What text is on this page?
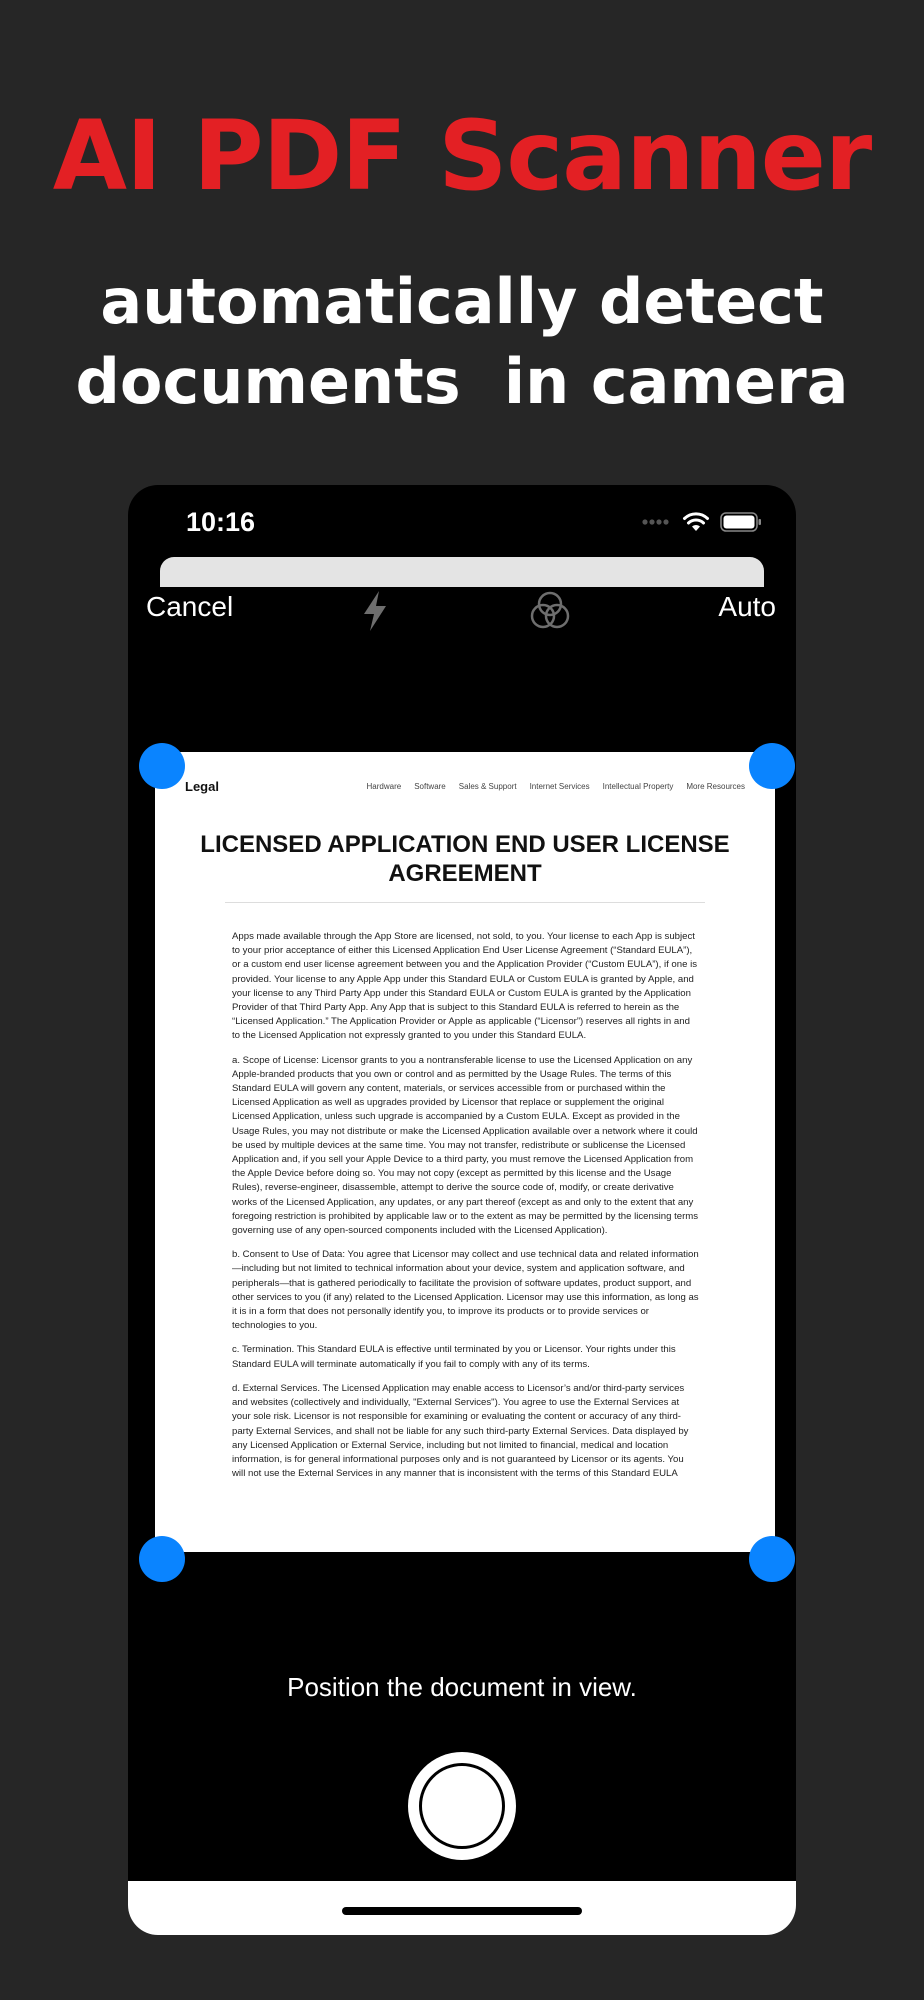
AI PDF Scanner
automatically detect
documents  in camera
10:16
Cancel	Auto
Legal	Hardware Software Sales & Support Internet Services Intellectual Property More Resources
LICENSED APPLICATION END USER LICENSE AGREEMENT

Apps made available through the App Store are licensed, not sold, to you. Your license to each App is subject to your prior acceptance of either this Licensed Application End User License Agreement (“Standard EULA”), or a custom end user license agreement between you and the Application Provider (“Custom EULA”), if one is provided. Your license to any Apple App under this Standard EULA or Custom EULA is granted by Apple, and your license to any Third Party App under this Standard EULA or Custom EULA is granted by the Application Provider of that Third Party App. Any App that is subject to this Standard EULA is referred to herein as the “Licensed Application.” The Application Provider or Apple as applicable (“Licensor”) reserves all rights in and to the Licensed Application not expressly granted to you under this Standard EULA.

a. Scope of License: Licensor grants to you a nontransferable license to use the Licensed Application on any Apple-branded products that you own or control and as permitted by the Usage Rules. The terms of this Standard EULA will govern any content, materials, or services accessible from or purchased within the Licensed Application as well as upgrades provided by Licensor that replace or supplement the original Licensed Application, unless such upgrade is accompanied by a Custom EULA. Except as provided in the Usage Rules, you may not distribute or make the Licensed Application available over a network where it could be used by multiple devices at the same time. You may not transfer, redistribute or sublicense the Licensed Application and, if you sell your Apple Device to a third party, you must remove the Licensed Application from the Apple Device before doing so. You may not copy (except as permitted by this license and the Usage Rules), reverse-engineer, disassemble, attempt to derive the source code of, modify, or create derivative works of the Licensed Application, any updates, or any part thereof (except as and only to the extent that any foregoing restriction is prohibited by applicable law or to the extent as may be permitted by the licensing terms governing use of any open-sourced components included with the Licensed Application).

b. Consent to Use of Data: You agree that Licensor may collect and use technical data and related information—including but not limited to technical information about your device, system and application software, and peripherals—that is gathered periodically to facilitate the provision of software updates, product support, and other services to you (if any) related to the Licensed Application. Licensor may use this information, as long as it is in a form that does not personally identify you, to improve its products or to provide services or technologies to you.

c. Termination. This Standard EULA is effective until terminated by you or Licensor. Your rights under this Standard EULA will terminate automatically if you fail to comply with any of its terms.

d. External Services. The Licensed Application may enable access to Licensor’s and/or third-party services and websites (collectively and individually, "External Services"). You agree to use the External Services at your sole risk. Licensor is not responsible for examining or evaluating the content or accuracy of any third-party External Services, and shall not be liable for any such third-party External Services. Data displayed by any Licensed Application or External Service, including but not limited to financial, medical and location information, is for general informational purposes only and is not guaranteed by Licensor or its agents. You will not use the External Services in any manner that is inconsistent with the terms of this Standard EULA

Position the document in view.
